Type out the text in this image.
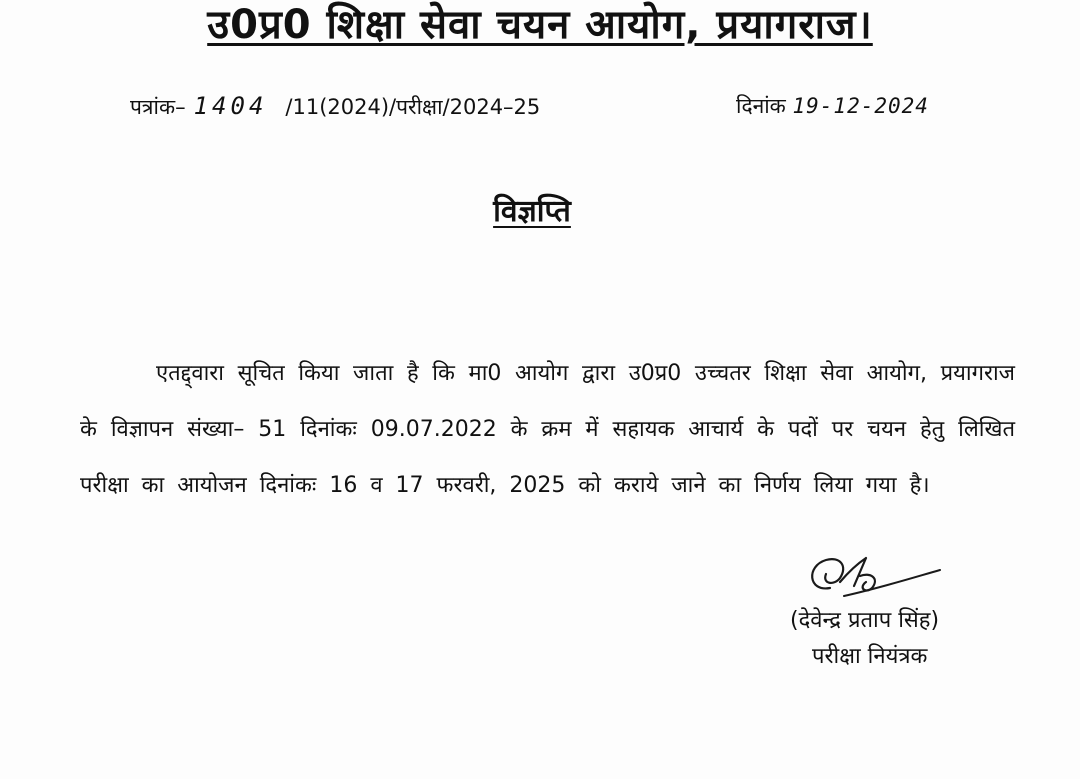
उ0प्र0 शिक्षा सेवा चयन आयोग, प्रयागराज।
पत्रांक– 1404 /11(2024)/परीक्षा/2024–25	दिनांक 19-12-2024
विज्ञप्ति

एतद्द्वारा सूचित किया जाता है कि मा0 आयोग द्वारा उ0प्र0 उच्चतर शिक्षा सेवा आयोग, प्रयागराज के विज्ञापन संख्या– 51 दिनांकः 09.07.2022 के क्रम में सहायक आचार्य के पदों पर चयन हेतु लिखित परीक्षा का आयोजन दिनांकः 16 व 17 फरवरी, 2025 को कराये जाने का निर्णय लिया गया है।

(देवेन्द्र प्रताप सिंह)
परीक्षा नियंत्रक
